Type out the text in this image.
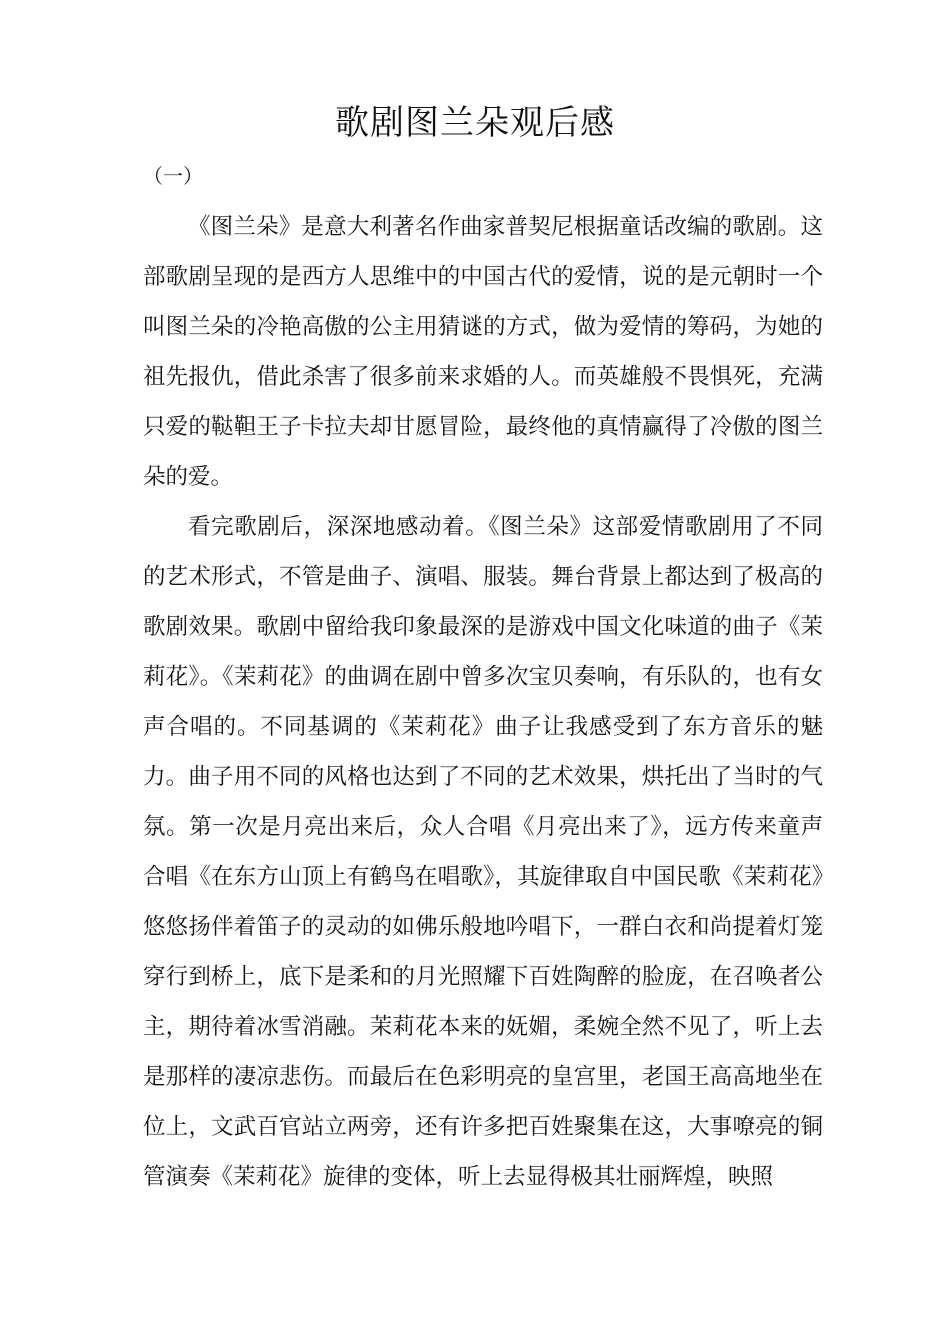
歌剧图兰朵观后感
（一）

《图兰朵》是意大利著名作曲家普契尼根据童话改编的歌剧。这部歌剧呈现的是西方人思维中的中国古代的爱情，说的是元朝时一个叫图兰朵的冷艳高傲的公主用猜谜的方式，做为爱情的筹码，为她的祖先报仇，借此杀害了很多前来求婚的人。而英雄般不畏惧死，充满只爱的鞑靼王子卡拉夫却甘愿冒险，最终他的真情赢得了冷傲的图兰朵的爱。

看完歌剧后，深深地感动着。《图兰朵》这部爱情歌剧用了不同的艺术形式，不管是曲子、演唱、服装。舞台背景上都达到了极高的歌剧效果。歌剧中留给我印象最深的是游戏中国文化味道的曲子《茉莉花》。《茉莉花》的曲调在剧中曾多次宝贝奏响，有乐队的，也有女声合唱的。不同基调的《茉莉花》曲子让我感受到了东方音乐的魅力。曲子用不同的风格也达到了不同的艺术效果，烘托出了当时的气氛。第一次是月亮出来后，众人合唱《月亮出来了》，远方传来童声合唱《在东方山顶上有鹤鸟在唱歌》，其旋律取自中国民歌《茉莉花》悠悠扬伴着笛子的灵动的如佛乐般地吟唱下，一群白衣和尚提着灯笼穿行到桥上，底下是柔和的月光照耀下百姓陶醉的脸庞，在召唤者公主，期待着冰雪消融。茉莉花本来的妩媚，柔婉全然不见了，听上去是那样的凄凉悲伤。而最后在色彩明亮的皇宫里，老国王高高地坐在位上，文武百官站立两旁，还有许多把百姓聚集在这，大事嘹亮的铜管演奏《茉莉花》旋律的变体，听上去显得极其壮丽辉煌，映照
